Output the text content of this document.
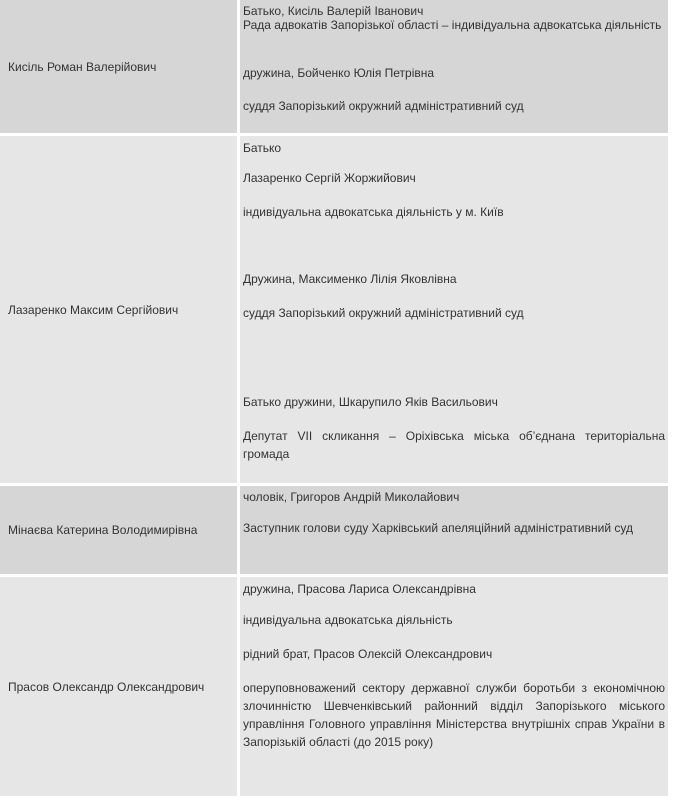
Кисіль Роман Валерійович

Батько, Кисіль Валерій Іванович

Рада адвокатів Запорізької області – індивідуальна адвокатська діяльність

дружина, Бойченко Юлія Петрівна

суддя Запорізький окружний адміністративний суд

Лазаренко Максим Сергійович

Батько

Лазаренко Сергій Жоржийович

індивідуальна адвокатська діяльність у м. Київ

Дружина, Максименко Лілія Яковлівна

суддя Запорізький окружний адміністративний суд

Батько дружини, Шкарупило Яків Васильович

Депутат VII скликання – Оріхівська міська об’єднана територіальна громада

Мінаєва Катерина Володимирівна

чоловік, Григоров Андрій Миколайович

Заступник голови суду Харківський апеляційний адміністративний суд

Прасов Олександр Олександрович

дружина, Прасова Лариса Олександрівна

індивідуальна адвокатська діяльність

рідний брат, Прасов Олексій Олександрович

оперуповноважений сектору державної служби боротьби з економічною злочинністю Шевченківський районний відділ Запорізького міського управління Головного управління Міністерства внутрішніх справ України в Запорізькій області (до 2015 року)
